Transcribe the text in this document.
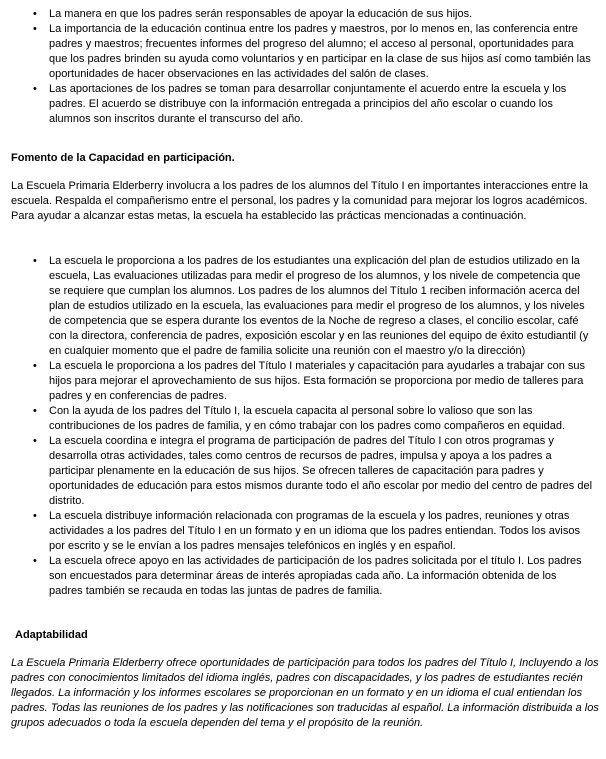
• La manera en que los padres serán responsables de apoyar la educación de sus hijos.
• La importancia de la educación continua entre los padres y maestros, por lo menos en, las conferencia entre padres y maestros; frecuentes informes del progreso del alumno; el acceso al personal, oportunidades para que los padres brinden su ayuda como voluntarios y en participar en la clase de sus hijos así como también las oportunidades de hacer observaciones en las actividades del salón de clases.
• Las aportaciones de los padres se toman para desarrollar conjuntamente el acuerdo entre la escuela y los padres. El acuerdo se distribuye con la información entregada a principios del año escolar o cuando los alumnos son inscritos durante el transcurso del año.
Fomento de la Capacidad en participación.

La Escuela Primaria Elderberry involucra a los padres de los alumnos del Título I en importantes interacciones entre la escuela. Respalda el compañerismo entre el personal, los padres y la comunidad para mejorar los logros académicos. Para ayudar a alcanzar estas metas, la escuela ha establecido las prácticas mencionadas a continuación.

• La escuela le proporciona a los padres de los estudiantes una explicación del plan de estudios utilizado en la escuela, Las evaluaciones utilizadas para medir el progreso de los alumnos, y los nivele de competencia que se requiere que cumplan los alumnos. Los padres de los alumnos del Título 1 reciben información acerca del plan de estudios utilizado en la escuela, las evaluaciones para medir el progreso de los alumnos, y los niveles de competencia que se espera durante los eventos de la Noche de regreso a clases, el concilio escolar, café con la directora, conferencia de padres, exposición escolar y en las reuniones del equipo de éxito estudiantil (y en cualquier momento que el padre de familia solicite una reunión con el maestro y/o la dirección)
• La escuela le proporciona a los padres del Título I materiales y capacitación para ayudarles a trabajar con sus hijos para mejorar el aprovechamiento de sus hijos. Esta formación se proporciona por medio de talleres para padres y en conferencias de padres.
• Con la ayuda de los padres del Título I, la escuela capacita al personal sobre lo valioso que son las contribuciones de los padres de familia, y en cómo trabajar con los padres como compañeros en equidad.
• La escuela coordina e integra el programa de participación de padres del Título I con otros programas y desarrolla otras actividades, tales como centros de recursos de padres, impulsa y apoya a los padres a participar plenamente en la educación de sus hijos. Se ofrecen talleres de capacitación para padres y oportunidades de educación para estos mismos durante todo el año escolar por medio del centro de padres del distrito.
• La escuela distribuye información relacionada con programas de la escuela y los padres, reuniones y otras actividades a los padres del Título I en un formato y en un idioma que los padres entiendan. Todos los avisos por escrito y se le envían a los padres mensajes telefónicos en inglés y en español.
• La escuela ofrece apoyo en las actividades de participación de los padres solicitada por el título I. Los padres son encuestados para determinar áreas de interés apropiadas cada año. La información obtenida de los padres también se recauda en todas las juntas de padres de familia.
Adaptabilidad

La Escuela Primaria Elderberry ofrece oportunidades de participación para todos los padres del Título I, Incluyendo a los padres con conocimientos limitados del idioma inglés, padres con discapacidades, y los padres de estudiantes recién llegados. La información y los informes escolares se proporcionan en un formato y en un idioma el cual entiendan los padres. Todas las reuniones de los padres y las notificaciones son traducidas al español. La información distribuida a los grupos adecuados o toda la escuela dependen del tema y el propósito de la reunión.
